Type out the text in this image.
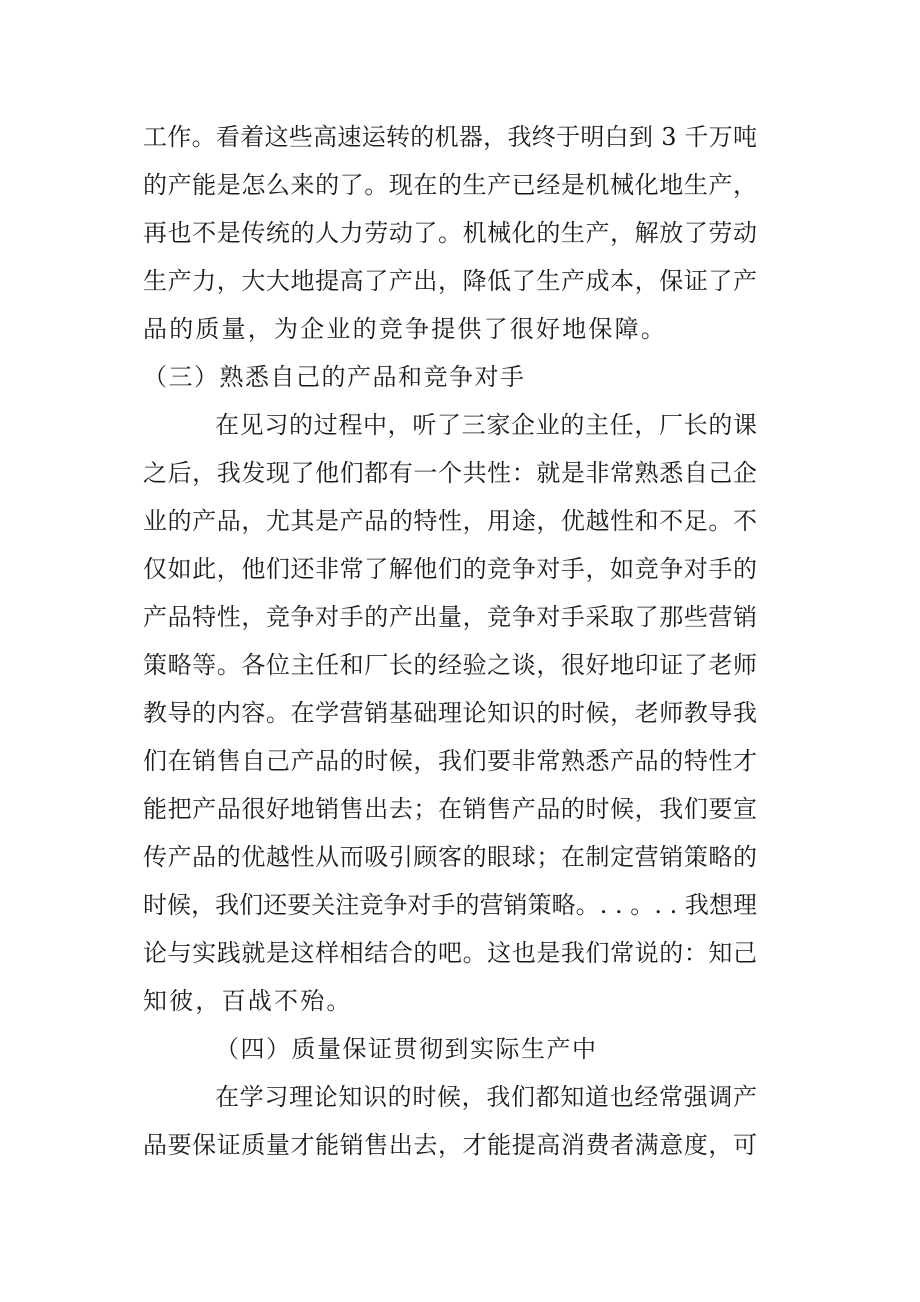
工作。看着这些高速运转的机器，我终于明白到 3 千万吨
的产能是怎么来的了。现在的生产已经是机械化地生产，
再也不是传统的人力劳动了。机械化的生产，解放了劳动
生产力，大大地提高了产出，降低了生产成本，保证了产
品的质量，为企业的竞争提供了很好地保障。
（三）熟悉自己的产品和竞争对手
在见习的过程中，听了三家企业的主任，厂长的课
之后，我发现了他们都有一个共性：就是非常熟悉自己企
业的产品，尤其是产品的特性，用途，优越性和不足。不
仅如此，他们还非常了解他们的竞争对手，如竞争对手的
产品特性，竞争对手的产出量，竞争对手采取了那些营销
策略等。各位主任和厂长的经验之谈，很好地印证了老师
教导的内容。在学营销基础理论知识的时候，老师教导我
们在销售自己产品的时候，我们要非常熟悉产品的特性才
能把产品很好地销售出去；在销售产品的时候，我们要宣
传产品的优越性从而吸引顾客的眼球；在制定营销策略的
时候，我们还要关注竞争对手的营销策略。. . 。. . 我想理
论与实践就是这样相结合的吧。这也是我们常说的：知己
知彼，百战不殆。
（四）质量保证贯彻到实际生产中
在学习理论知识的时候，我们都知道也经常强调产
品要保证质量才能销售出去，才能提高消费者满意度，可
